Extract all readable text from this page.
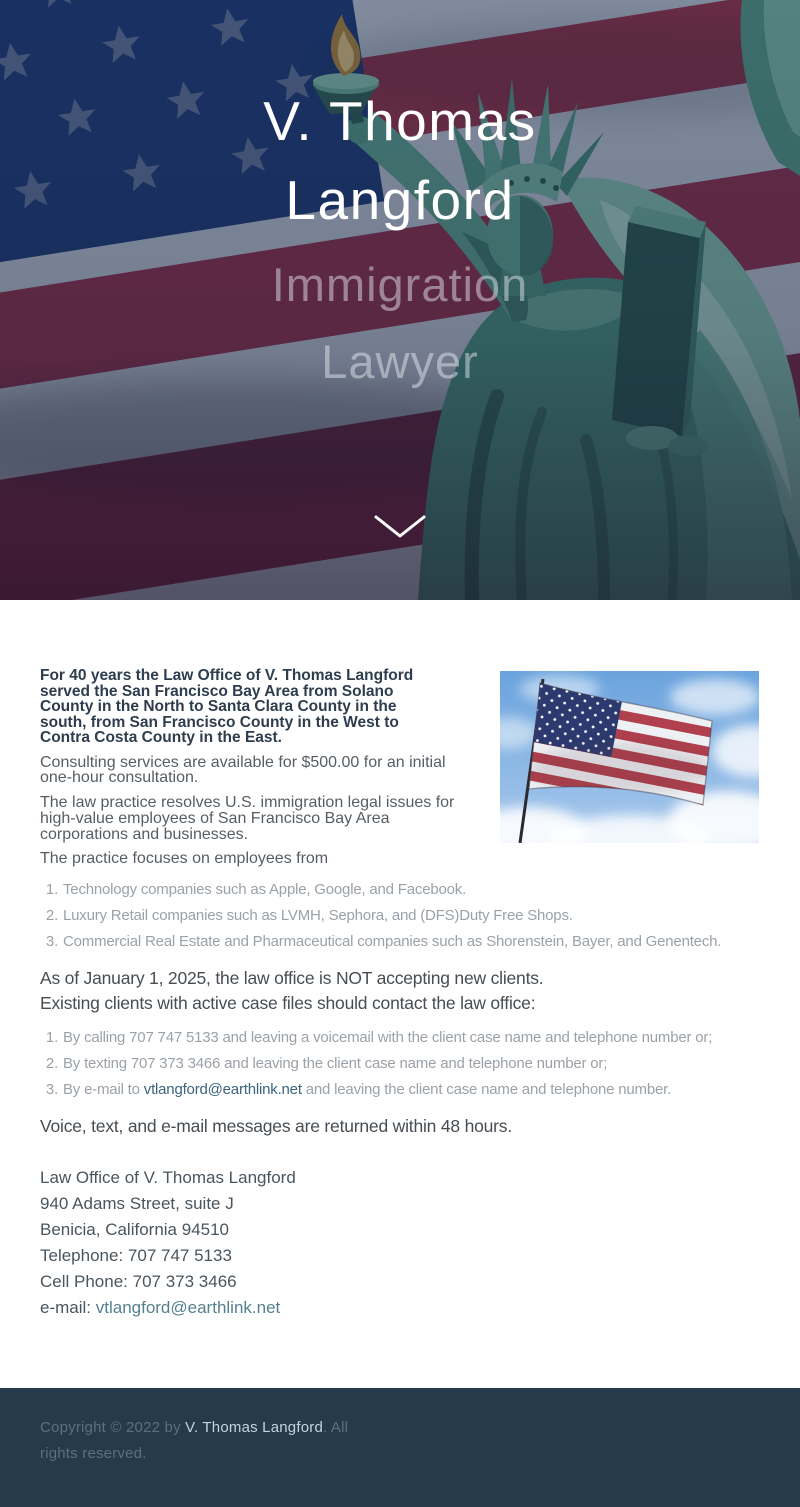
V. Thomas
Langford
Immigration
Lawyer
For 40 years the Law Office of V. Thomas Langford
served the San Francisco Bay Area from Solano
County in the North to Santa Clara County in the
south, from San Francisco County in the West to
Contra Costa County in the East.
Consulting services are available for $500.00 for an initial
one-hour consultation.
The law practice resolves U.S. immigration legal issues for
high-value employees of San Francisco Bay Area
corporations and businesses.
The practice focuses on employees from
1. Technology companies such as Apple, Google, and Facebook.
2. Luxury Retail companies such as LVMH, Sephora, and (DFS)Duty Free Shops.
3. Commercial Real Estate and Pharmaceutical companies such as Shorenstein, Bayer, and Genentech.

As of January 1, 2025, the law office is NOT accepting new clients.

Existing clients with active case files should contact the law office:

1. By calling 707 747 5133 and leaving a voicemail with the client case name and telephone number or;
2. By texting 707 373 3466 and leaving the client case name and telephone number or;
3. By e-mail to vtlangford@earthlink.net and leaving the client case name and telephone number.

Voice, text, and e-mail messages are returned within 48 hours.

Law Office of V. Thomas Langford
940 Adams Street, suite J
Benicia, California 94510
Telephone: 707 747 5133
Cell Phone: 707 373 3466
e-mail: vtlangford@earthlink.net

Copyright © 2022 by V. Thomas Langford. All rights reserved.
